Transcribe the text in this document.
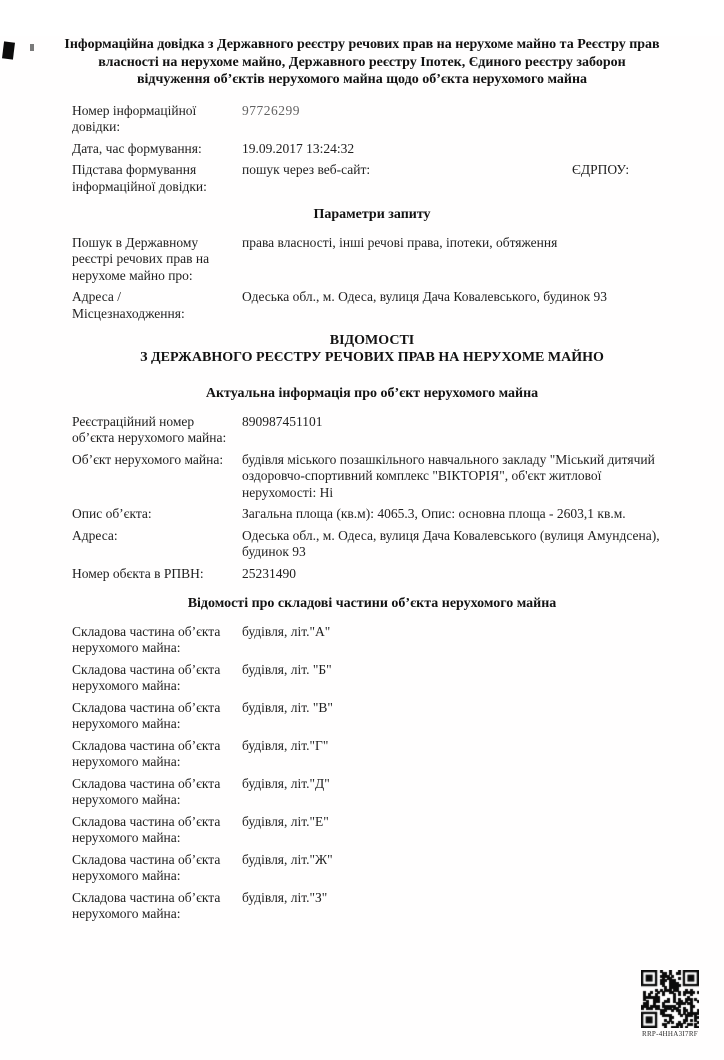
Інформаційна довідка з Державного реєстру речових прав на нерухоме майно та Реєстру прав власності на нерухоме майно, Державного реєстру Іпотек, Єдиного реєстру заборон відчуження об’єктів нерухомого майна щодо об’єкта нерухомого майна
Номер інформаційної довідки:
97726299
Дата, час формування:	19.09.2017 13:24:32
Підстава формування інформаційної довідки:
пошук через веб-сайт:	ЄДРПОУ:
Параметри запиту
Пошук в Державному реєстрі речових прав на нерухоме майно про:
права власності, інші речові права, іпотеки, обтяження
Адреса / Місцезнаходження:
Одеська обл., м. Одеса, вулиця Дача Ковалевського, будинок 93
ВІДОМОСТІ
З ДЕРЖАВНОГО РЕЄСТРУ РЕЧОВИХ ПРАВ НА НЕРУХОМЕ МАЙНО
Актуальна інформація про об’єкт нерухомого майна
Реєстраційний номер об’єкта нерухомого майна:
890987451101
Об’єкт нерухомого майна:	будівля міського позашкільного навчального закладу "Міський дитячий оздоровчо-спортивний комплекс "ВІКТОРІЯ", об'єкт житлової нерухомості: Ні
Опис об’єкта:	Загальна площа (кв.м): 4065.3, Опис: основна площа - 2603,1 кв.м.
Адреса:	Одеська обл., м. Одеса, вулиця Дача Ковалевського (вулиця Амундсена), будинок 93
Номер обєкта в РПВН:	25231490
Відомості про складові частини об’єкта нерухомого майна
Складова частина об’єкта нерухомого майна:
будівля, літ."А"
Складова частина об’єкта нерухомого майна:
будівля, літ. "Б"
Складова частина об’єкта нерухомого майна:
будівля, літ. "В"
Складова частина об’єкта нерухомого майна:
будівля, літ."Г"
Складова частина об’єкта нерухомого майна:
будівля, літ."Д"
Складова частина об’єкта нерухомого майна:
будівля, літ."Е"
Складова частина об’єкта нерухомого майна:
будівля, літ."Ж"
Складова частина об’єкта нерухомого майна:
будівля, літ."З"
RRP-4HHA3I7RF
